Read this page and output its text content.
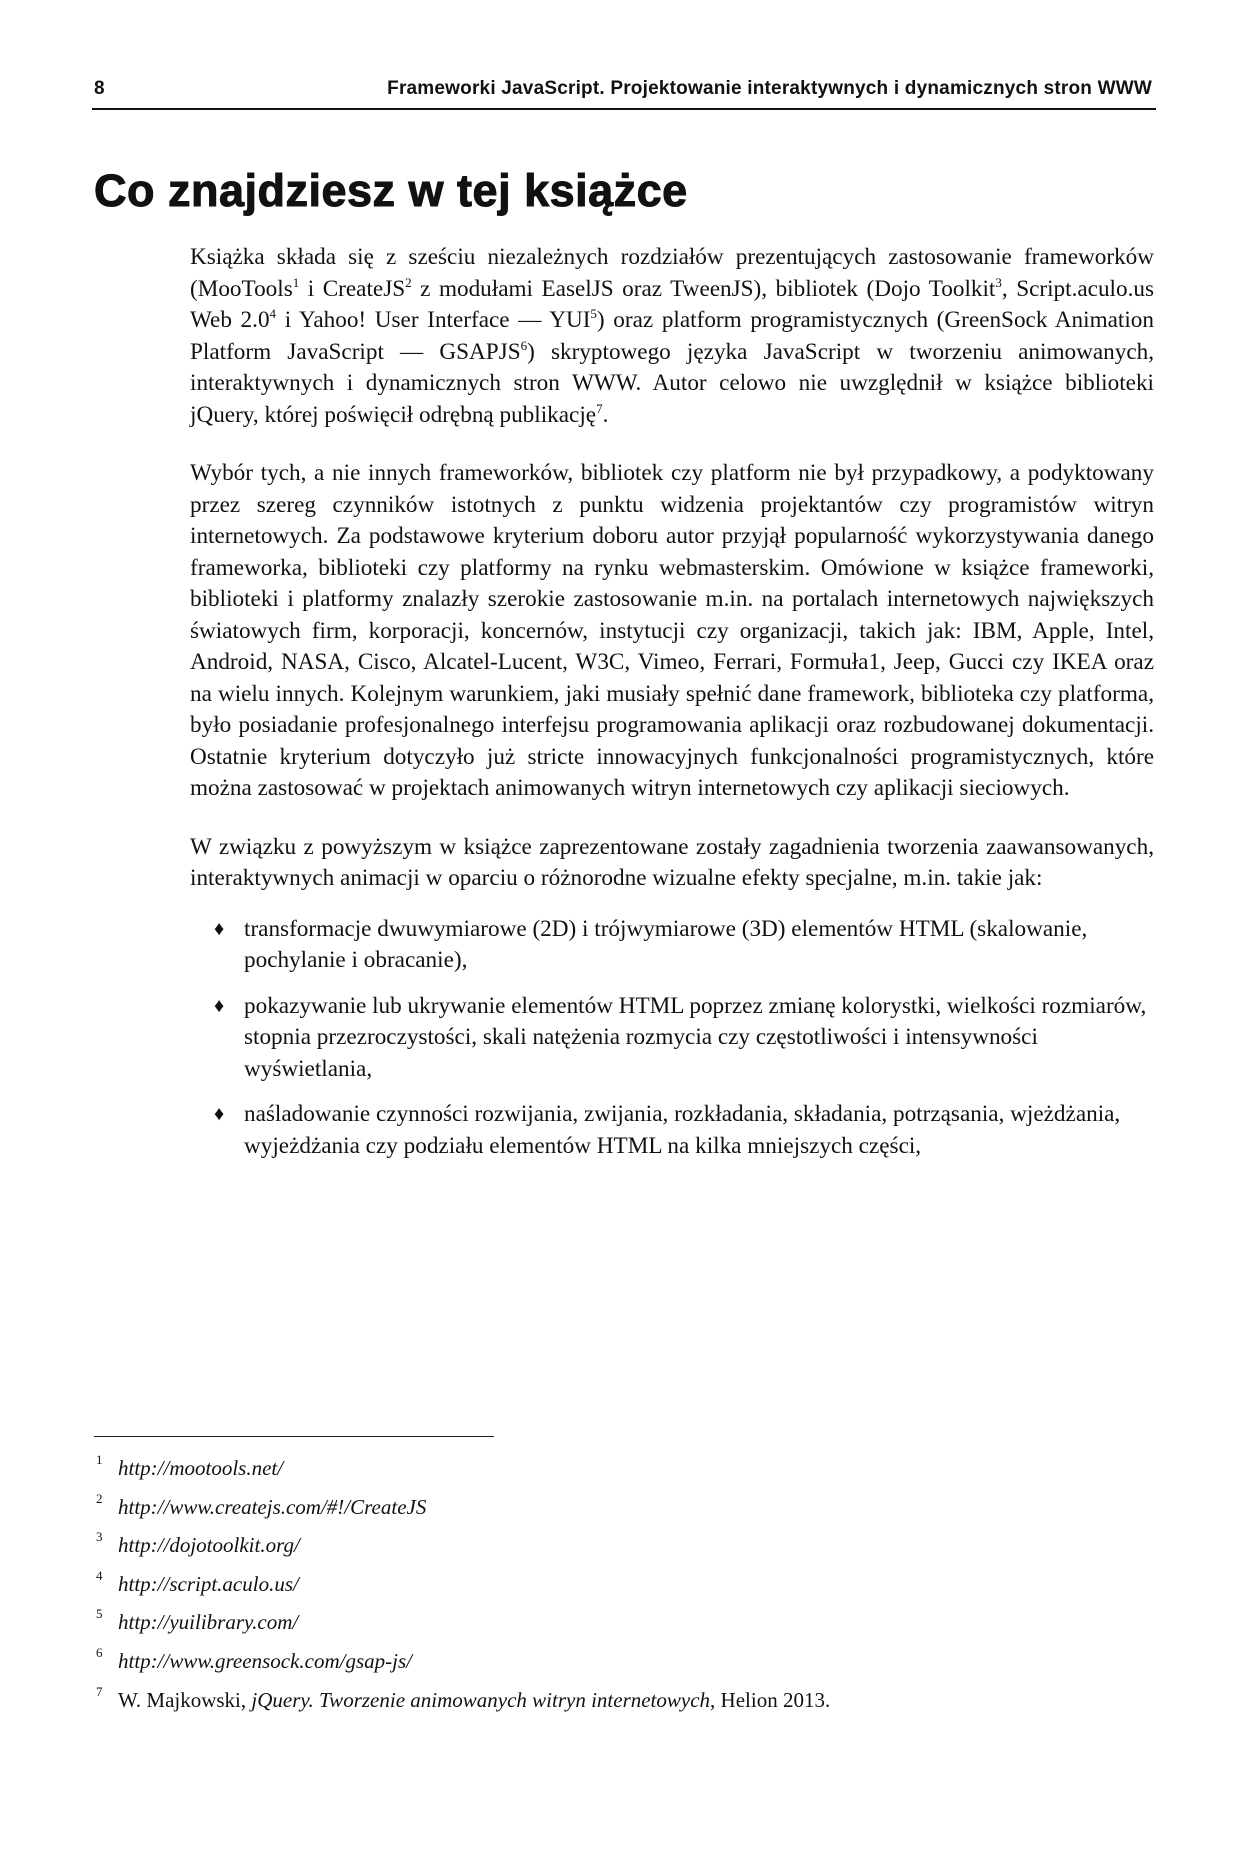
8	Frameworki JavaScript. Projektowanie interaktywnych i dynamicznych stron WWW
Co znajdziesz w tej książce

Książka składa się z sześciu niezależnych rozdziałów prezentujących zastosowanie frameworków (MooTools$^1$ i CreateJS$^2$ z modułami EaselJS oraz TweenJS), bibliotek (Dojo Toolkit$^3$, Script.aculo.us Web $2.0^4$ i Yahoo! User Interface — YUI$^5$) oraz platform programistycznych (GreenSock Animation Platform JavaScript — GSAPJS$^6$) skryptowego języka JavaScript w tworzeniu animowanych, interaktywnych i dynamicznych stron WWW. Autor celowo nie uwzględnił w książce biblioteki jQuery, której poświęcił odrębną publikację$^7$.

Wybór tych, a nie innych frameworków, bibliotek czy platform nie był przypadkowy, a podyktowany przez szereg czynników istotnych z punktu widzenia projektantów czy programistów witryn internetowych. Za podstawowe kryterium doboru autor przyjął popularność wykorzystywania danego frameworka, biblioteki czy platformy na rynku webmasterskim. Omówione w książce frameworki, biblioteki i platformy znalazły szerokie zastosowanie m.in. na portalach internetowych największych światowych firm, korporacji, koncernów, instytucji czy organizacji, takich jak: IBM, Apple, Intel, Android, NASA, Cisco, Alcatel-Lucent, W3C, Vimeo, Ferrari, Formuła1, Jeep, Gucci czy IKEA oraz na wielu innych. Kolejnym warunkiem, jaki musiały spełnić dane framework, biblioteka czy platforma, było posiadanie profesjonalnego interfejsu programowania aplikacji oraz rozbudowanej dokumentacji. Ostatnie kryterium dotyczyło już stricte innowacyjnych funkcjonalności programistycznych, które można zastosować w projektach animowanych witryn internetowych czy aplikacji sieciowych.

W związku z powyższym w książce zaprezentowane zostały zagadnienia tworzenia zaawansowanych, interaktywnych animacji w oparciu o różnorodne wizualne efekty specjalne, m.in. takie jak:

♦ transformacje dwuwymiarowe (2D) i trójwymiarowe (3D) elementów HTML (skalowanie, pochylanie i obracanie),
♦ pokazywanie lub ukrywanie elementów HTML poprzez zmianę kolorystki, wielkości rozmiarów, stopnia przezroczystości, skali natężenia rozmycia czy częstotliwości i intensywności wyświetlania,
♦ naśladowanie czynności rozwijania, zwijania, rozkładania, składania, potrząsania, wjeżdżania, wyjeżdżania czy podziału elementów HTML na kilka mniejszych części,
1 http://mootools.net/
2 http://www.createjs.com/#!/CreateJS
3 http://dojotoolkit.org/
4 http://script.aculo.us/
5 http://yuilibrary.com/
6 http://www.greensock.com/gsap-js/
7 W. Majkowski, jQuery. Tworzenie animowanych witryn internetowych, Helion 2013.
